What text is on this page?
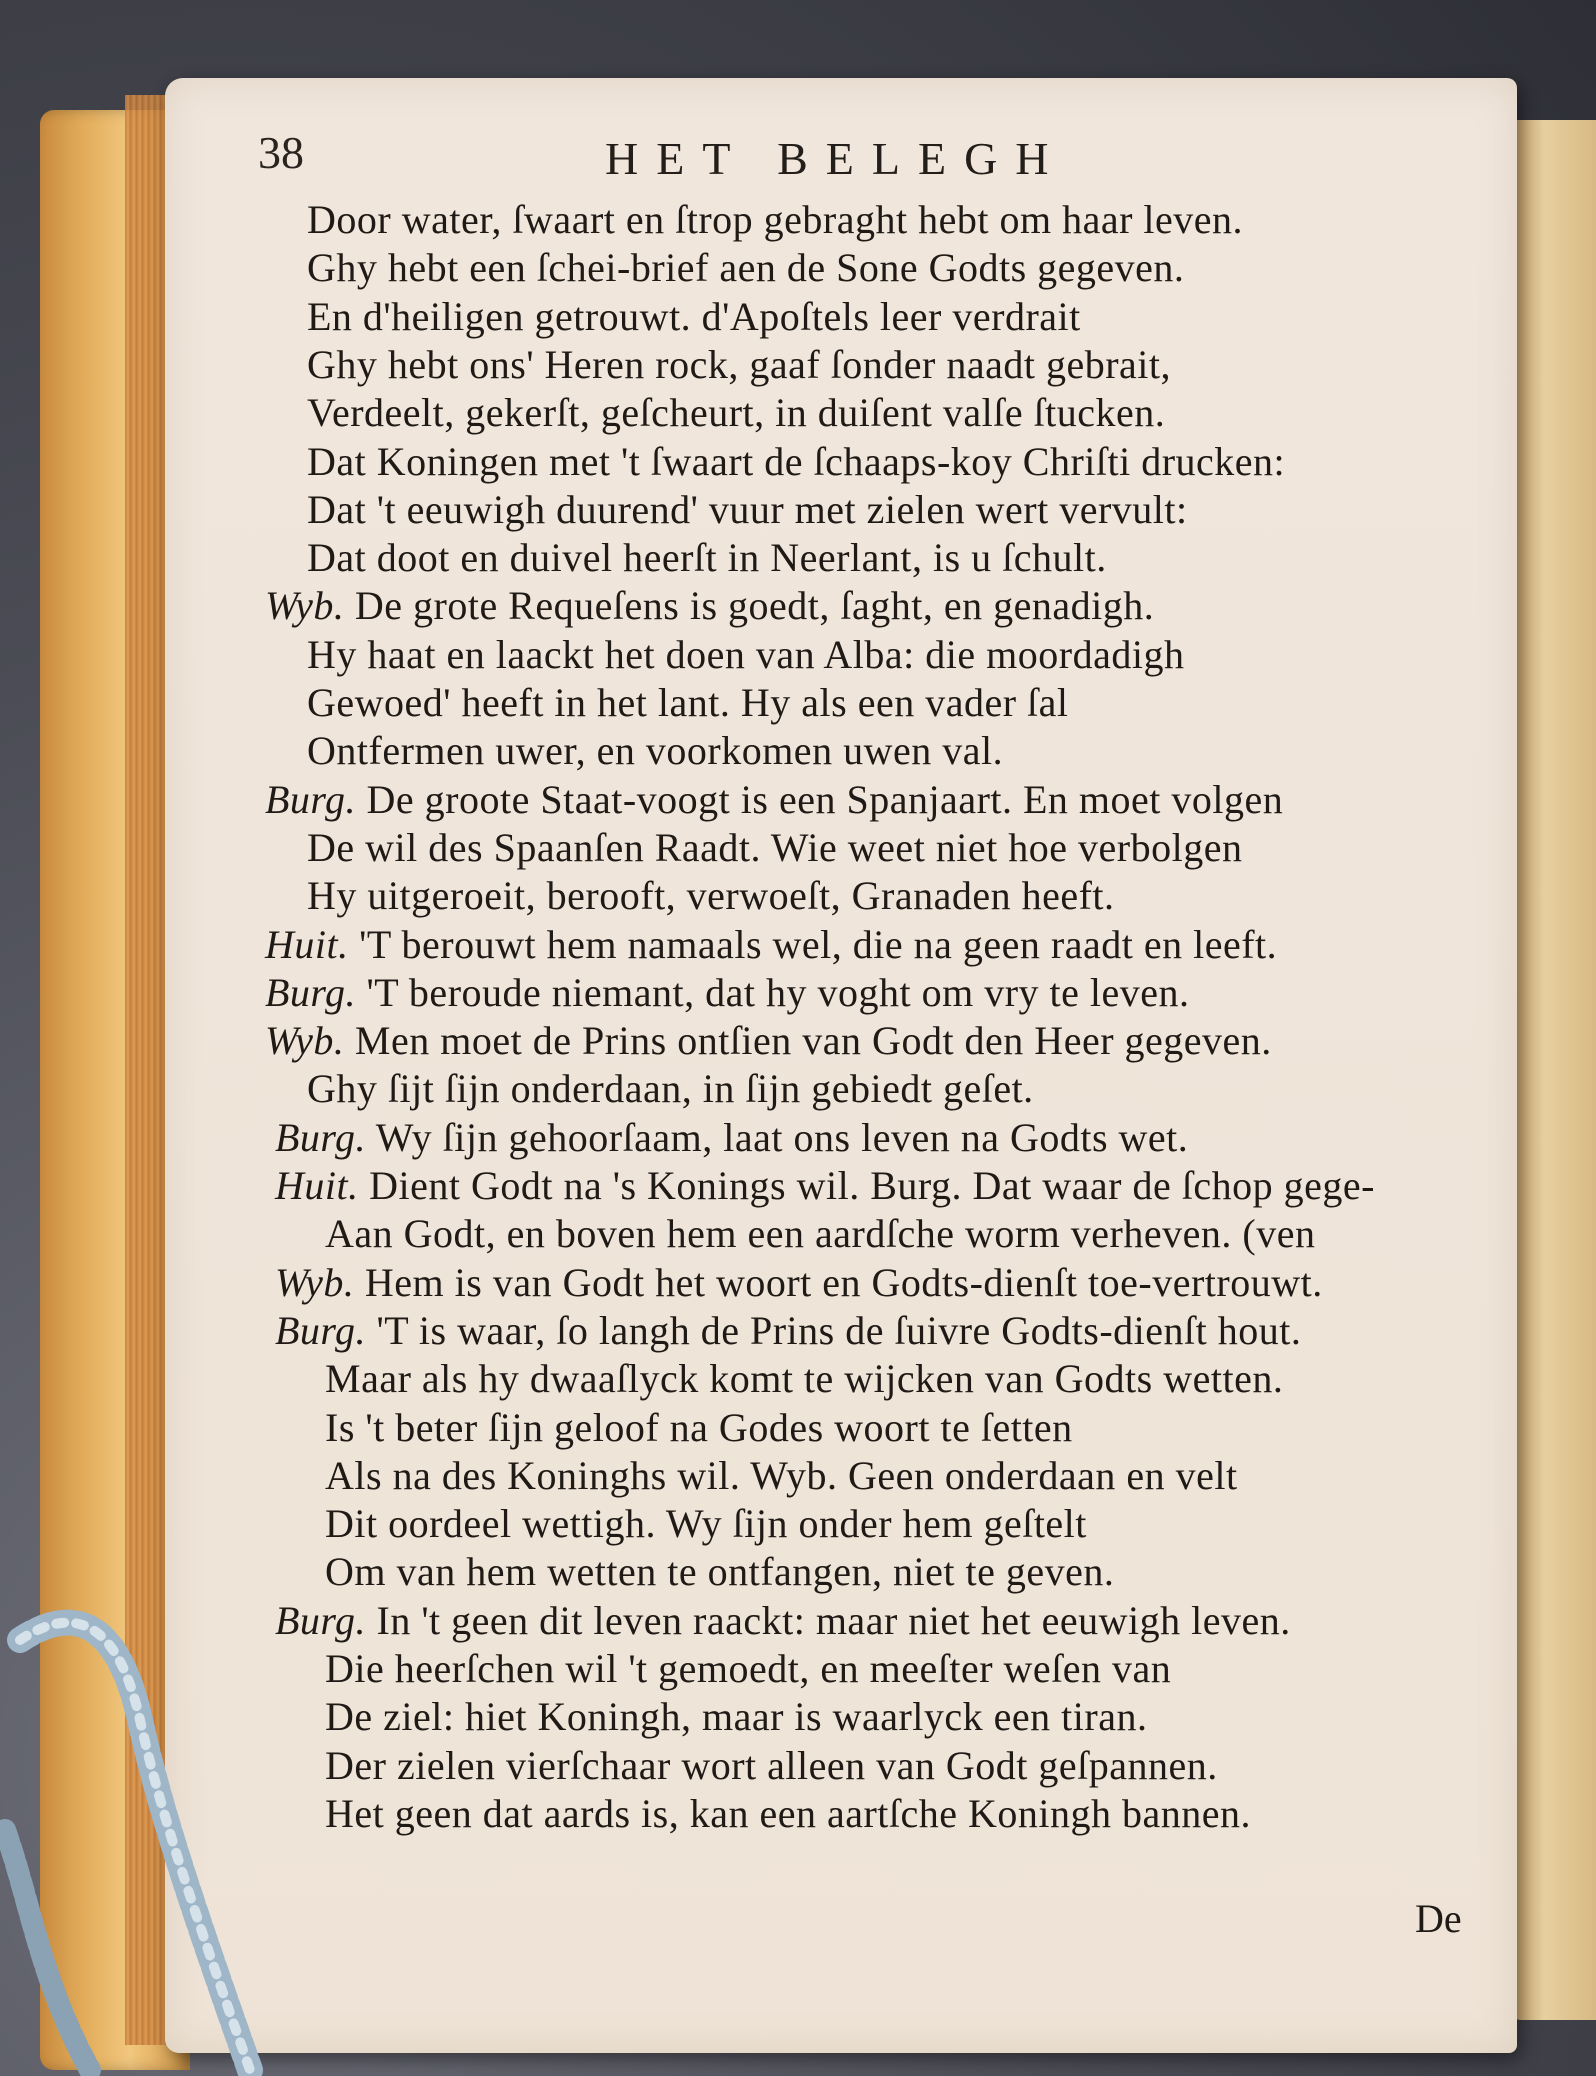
38	HET BELEGH
Door water, ſwaart en ſtrop gebraght hebt om haar leven.
Ghy hebt een ſchei-brief aen de Sone Godts gegeven.
En d'heiligen getrouwt. d'Apoſtels leer verdrait
Ghy hebt ons' Heren rock, gaaf ſonder naadt gebrait,
Verdeelt, gekerſt, geſcheurt, in duiſent valſe ſtucken.
Dat Koningen met 't ſwaart de ſchaaps-koy Chriſti drucken:
Dat 't eeuwigh duurend' vuur met zielen wert vervult:
Dat doot en duivel heerſt in Neerlant, is u ſchult.
Wyb. De grote Requeſens is goedt, ſaght, en genadigh.
Hy haat en laackt het doen van Alba: die moordadigh
Gewoed' heeft in het lant. Hy als een vader ſal
Ontfermen uwer, en voorkomen uwen val.
Burg. De groote Staat-voogt is een Spanjaart. En moet volgen
De wil des Spaanſen Raadt. Wie weet niet hoe verbolgen
Hy uitgeroeit, berooft, verwoeſt, Granaden heeft.
Huit. 'T berouwt hem namaals wel, die na geen raadt en leeft.
Burg. 'T beroude niemant, dat hy voght om vry te leven.
Wyb. Men moet de Prins ontſien van Godt den Heer gegeven.
Ghy ſijt ſijn onderdaan, in ſijn gebiedt geſet.
Burg. Wy ſijn gehoorſaam, laat ons leven na Godts wet.
Huit. Dient Godt na 's Konings wil. Burg. Dat waar de ſchop gege-
Aan Godt, en boven hem een aardſche worm verheven. (ven
Wyb. Hem is van Godt het woort en Godts-dienſt toe-vertrouwt.
Burg. 'T is waar, ſo langh de Prins de ſuivre Godts-dienſt hout.
Maar als hy dwaaſlyck komt te wijcken van Godts wetten.
Is 't beter ſijn geloof na Godes woort te ſetten
Als na des Koninghs wil. Wyb. Geen onderdaan en velt
Dit oordeel wettigh. Wy ſijn onder hem geſtelt
Om van hem wetten te ontfangen, niet te geven.
Burg. In 't geen dit leven raackt: maar niet het eeuwigh leven.
Die heerſchen wil 't gemoedt, en meeſter weſen van
De ziel: hiet Koningh, maar is waarlyck een tiran.
Der zielen vierſchaar wort alleen van Godt geſpannen.
Het geen dat aards is, kan een aartſche Koningh bannen.
De
